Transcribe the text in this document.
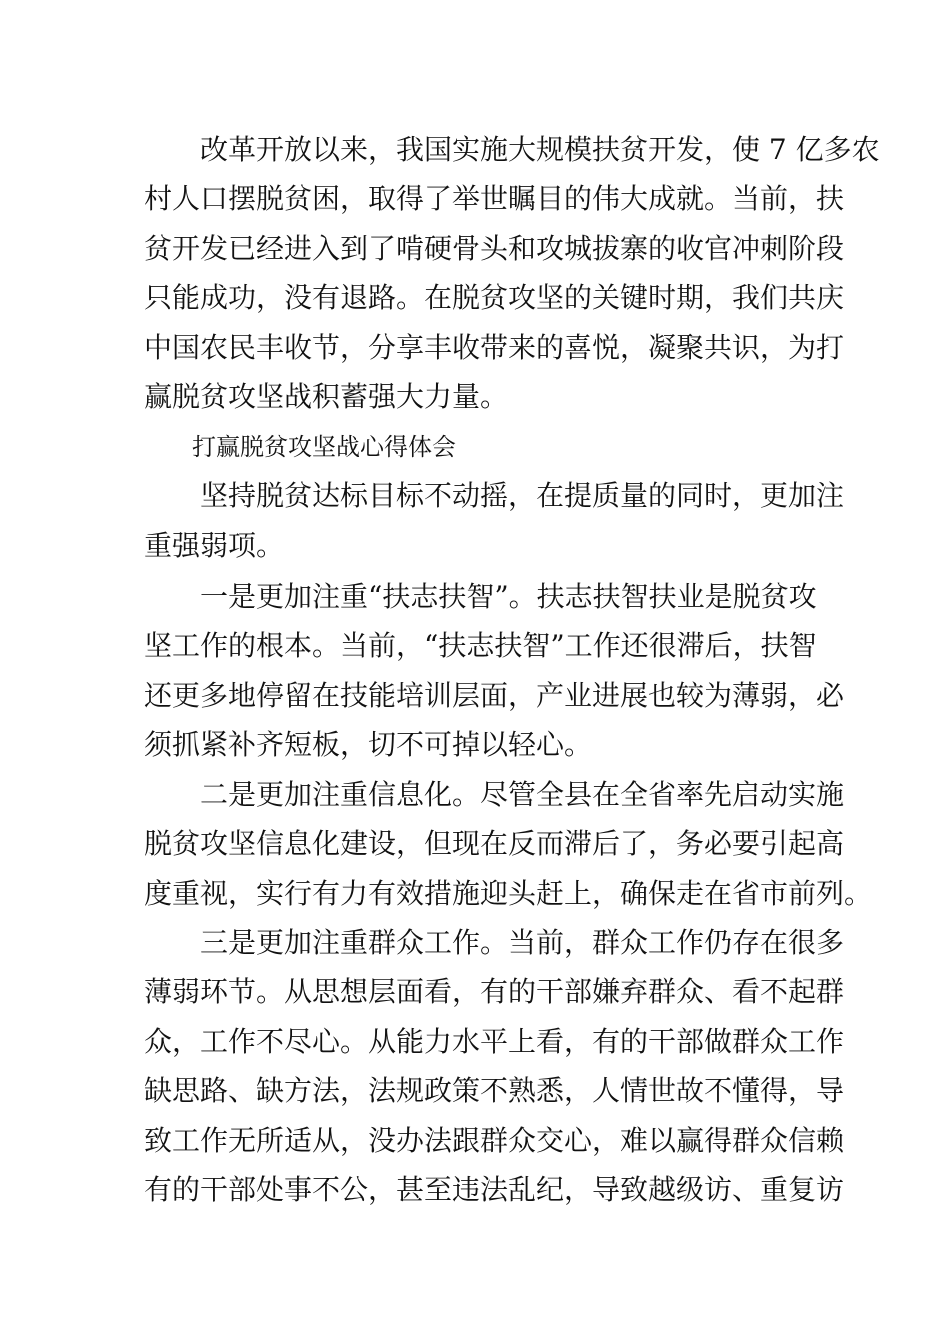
　　改革开放以来，我国实施大规模扶贫开发，使 7 亿多农
村人口摆脱贫困，取得了举世瞩目的伟大成就。当前，扶
贫开发已经进入到了啃硬骨头和攻城拔寨的收官冲刺阶段
只能成功，没有退路。在脱贫攻坚的关键时期，我们共庆
中国农民丰收节，分享丰收带来的喜悦，凝聚共识，为打
赢脱贫攻坚战积蓄强大力量。
　　打赢脱贫攻坚战心得体会
　　坚持脱贫达标目标不动摇，在提质量的同时，更加注
重强弱项。
　　一是更加注重“扶志扶智”。扶志扶智扶业是脱贫攻
坚工作的根本。当前，“扶志扶智”工作还很滞后，扶智
还更多地停留在技能培训层面，产业进展也较为薄弱，必
须抓紧补齐短板，切不可掉以轻心。
　　二是更加注重信息化。尽管全县在全省率先启动实施
脱贫攻坚信息化建设，但现在反而滞后了，务必要引起高
度重视，实行有力有效措施迎头赶上，确保走在省市前列。
　　三是更加注重群众工作。当前，群众工作仍存在很多
薄弱环节。从思想层面看，有的干部嫌弃群众、看不起群
众，工作不尽心。从能力水平上看，有的干部做群众工作
缺思路、缺方法，法规政策不熟悉，人情世故不懂得，导
致工作无所适从，没办法跟群众交心，难以赢得群众信赖
有的干部处事不公，甚至违法乱纪，导致越级访、重复访
